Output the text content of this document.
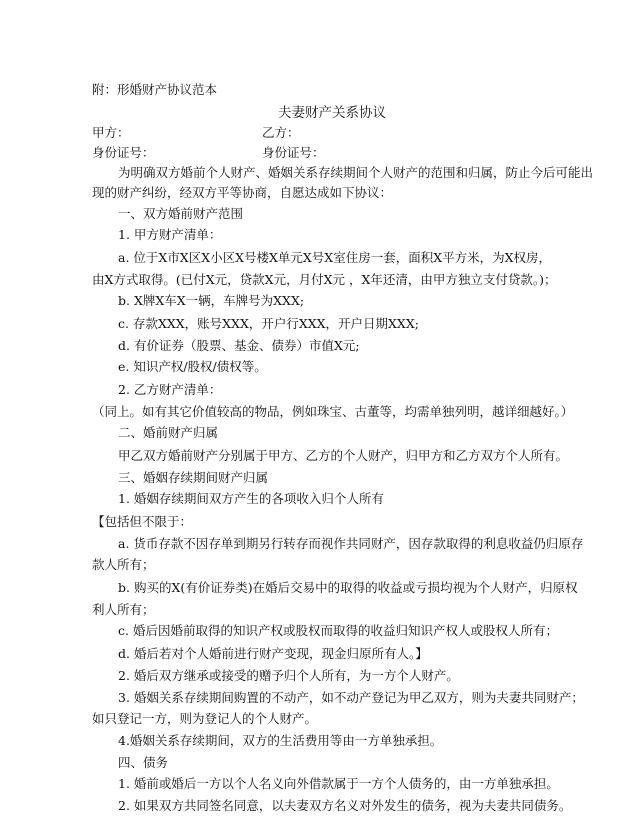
附：形婚财产协议范本
夫妻财产关系协议
甲方：	乙方：
身份证号：	身份证号：
为明确双方婚前个人财产、婚姻关系存续期间个人财产的范围和归属，防止今后可能出
现的财产纠纷，经双方平等协商，自愿达成如下协议：
一、双方婚前财产范围
1. 甲方财产清单：
a. 位于X市X区X小区X号楼X单元X号X室住房一套，面积X平方米，为X权房，
由X方式取得。(已付X元，贷款X元，月付X元 ，X年还清，由甲方独立支付贷款。)；
b. X牌X车X一辆，车牌号为XXX;
c. 存款XXX，账号XXX，开户行XXX，开户日期XXX;
d. 有价证券（股票、基金、债券）市值X元;
e. 知识产权/股权/债权等。
2. 乙方财产清单：
（同上。如有其它价值较高的物品，例如珠宝、古董等，均需单独列明，越详细越好。）
二、婚前财产归属
甲乙双方婚前财产分别属于甲方、乙方的个人财产，归甲方和乙方双方个人所有。
三、婚姻存续期间财产归属
1. 婚姻存续期间双方产生的各项收入归个人所有
【包括但不限于：
a. 货币存款不因存单到期另行转存而视作共同财产，因存款取得的利息收益仍归原存
款人所有；
b. 购买的X(有价证券类)在婚后交易中的取得的收益或亏损均视为个人财产，归原权
利人所有；
c. 婚后因婚前取得的知识产权或股权而取得的收益归知识产权人或股权人所有；
d. 婚后若对个人婚前进行财产变现，现金归原所有人。】
2. 婚后双方继承或接受的赠予归个人所有，为一方个人财产。
3. 婚姻关系存续期间购置的不动产，如不动产登记为甲乙双方，则为夫妻共同财产；
如只登记一方，则为登记人的个人财产。
4.婚姻关系存续期间，双方的生活费用等由一方单独承担。
四、债务
1. 婚前或婚后一方以个人名义向外借款属于一方个人债务的，由一方单独承担。
2. 如果双方共同签名同意，以夫妻双方名义对外发生的债务，视为夫妻共同债务。
